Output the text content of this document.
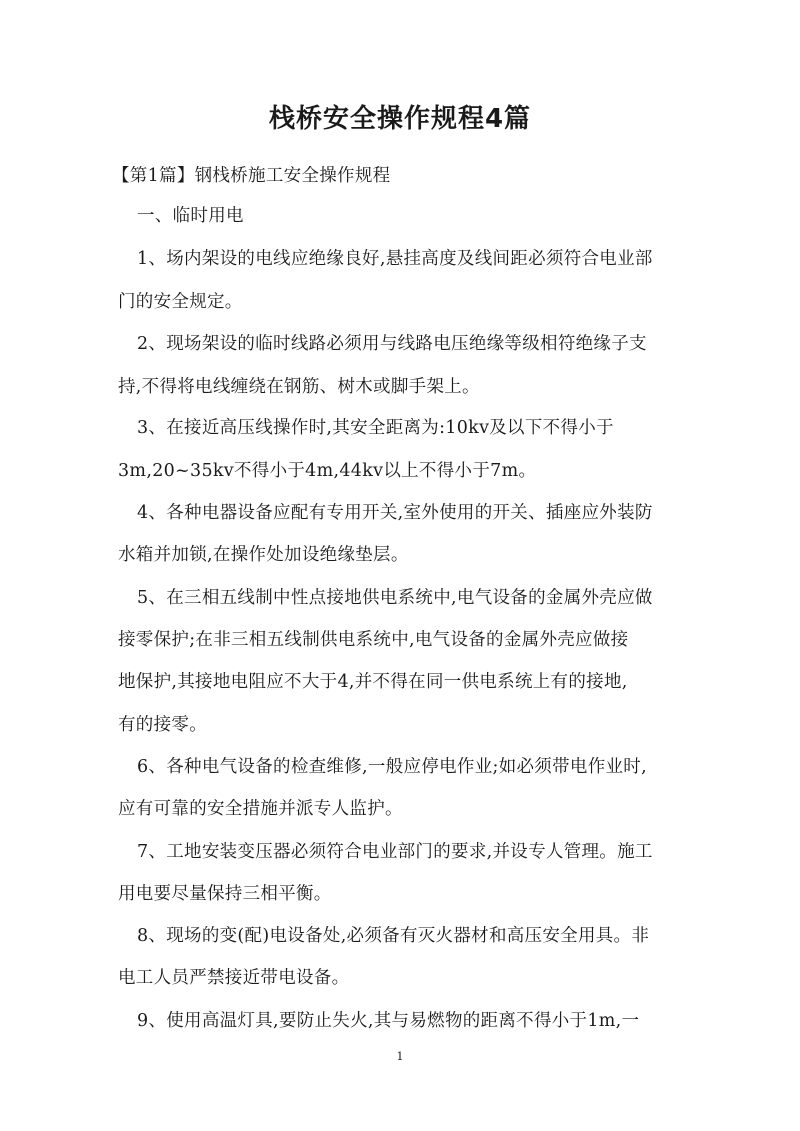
栈桥安全操作规程4篇
【第1篇】钢栈桥施工安全操作规程
一、临时用电
1、场内架设的电线应绝缘良好,悬挂高度及线间距必须符合电业部
门的安全规定。
2、现场架设的临时线路必须用与线路电压绝缘等级相符绝缘子支
持,不得将电线缠绕在钢筋、树木或脚手架上。
3、在接近高压线操作时,其安全距离为:10kv及以下不得小于
3m,20~35kv不得小于4m,44kv以上不得小于7m。
4、各种电器设备应配有专用开关,室外使用的开关、插座应外装防
水箱并加锁,在操作处加设绝缘垫层。
5、在三相五线制中性点接地供电系统中,电气设备的金属外壳应做
接零保护;在非三相五线制供电系统中,电气设备的金属外壳应做接
地保护,其接地电阻应不大于4,并不得在同一供电系统上有的接地,
有的接零。
6、各种电气设备的检查维修,一般应停电作业;如必须带电作业时,
应有可靠的安全措施并派专人监护。
7、工地安装变压器必须符合电业部门的要求,并设专人管理。施工
用电要尽量保持三相平衡。
8、现场的变(配)电设备处,必须备有灭火器材和高压安全用具。非
电工人员严禁接近带电设备。
9、使用高温灯具,要防止失火,其与易燃物的距离不得小于1m,一
1
